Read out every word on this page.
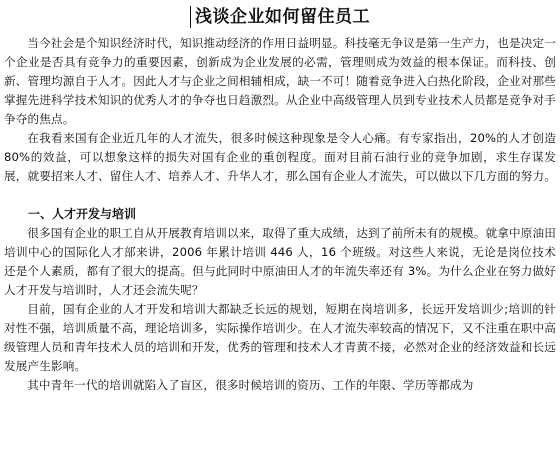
浅谈企业如何留住员工

当今社会是个知识经济时代，知识推动经济的作用日益明显。科技毫无争议是第一生产力，也是决定一个企业是否具有竞争力的重要因素，创新成为企业发展的必需，管理则成为效益的根本保证。而科技、创新、管理均源自于人才。因此人才与企业之间相辅相成，缺一不可！随着竞争进入白热化阶段，企业对那些掌握先进科学技术知识的优秀人才的争夺也日趋激烈。从企业中高级管理人员到专业技术人员都是竞争对手争夺的焦点。

在我看来国有企业近几年的人才流失，很多时候这种现象是令人心痛。有专家指出，20%的人才创造 80%的效益，可以想象这样的损失对国有企业的重创程度。面对目前石油行业的竞争加剧，求生存谋发展，就要招来人才、留住人才、培养人才、升华人才，那么国有企业人才流失，可以做以下几方面的努力。

一、人才开发与培训

很多国有企业的职工自从开展教育培训以来，取得了重大成绩，达到了前所未有的规模。就拿中原油田培训中心的国际化人才部来讲，2006 年累计培训 446 人，16 个班级。对这些人来说，无论是岗位技术还是个人素质，都有了很大的提高。但与此同时中原油田人才的年流失率还有 3%。为什么企业在努力做好人才开发与培训时，人才还会流失呢？

目前，国有企业的人才开发和培训大都缺乏长远的规划，短期在岗培训多，长远开发培训少;培训的针对性不强，培训质量不高，理论培训多，实际操作培训少。在人才流失率较高的情况下，又不注重在职中高级管理人员和青年技术人员的培训和开发，优秀的管理和技术人才青黄不接，必然对企业的经济效益和长远发展产生影响。

其中青年一代的培训就陷入了盲区，很多时候培训的资历、工作的年限、学历等都成为
